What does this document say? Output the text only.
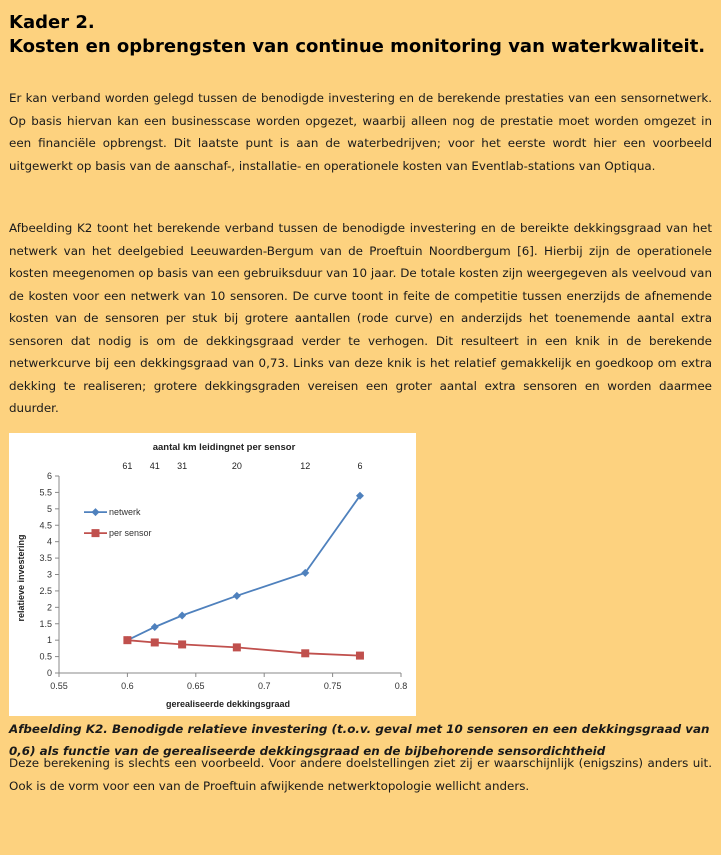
Kader 2.
Kosten en opbrengsten van continue monitoring van waterkwaliteit.

Er kan verband worden gelegd tussen de benodigde investering en de berekende prestaties van een sensornetwerk. Op basis hiervan kan een businesscase worden opgezet, waarbij alleen nog de prestatie moet worden omgezet in een financiële opbrengst. Dit laatste punt is aan de waterbedrijven; voor het eerste wordt hier een voorbeeld uitgewerkt op basis van de aanschaf-, installatie- en operationele kosten van Eventlab-stations van Optiqua.

Afbeelding K2 toont het berekende verband tussen de benodigde investering en de bereikte dekkingsgraad van het netwerk van het deelgebied Leeuwarden-Bergum van de Proeftuin Noordbergum [6]. Hierbij zijn de operationele kosten meegenomen op basis van een gebruiksduur van 10 jaar. De totale kosten zijn weergegeven als veelvoud van de kosten voor een netwerk van 10 sensoren. De curve toont in feite de competitie tussen enerzijds de afnemende kosten van de sensoren per stuk bij grotere aantallen (rode curve) en anderzijds het toenemende aantal extra sensoren dat nodig is om de dekkingsgraad verder te verhogen. Dit resulteert in een knik in de berekende netwerkcurve bij een dekkingsgraad van 0,73. Links van deze knik is het relatief gemakkelijk en goedkoop om extra dekking te realiseren; grotere dekkingsgraden vereisen een groter aantal extra sensoren en worden daarmee duurder.

aantal km leidingnet per sensor
61 41 31	20	12	6
0
0.5
1
1.5
2
2.5
3
3.5
4
4.5
5
5.5
6
0.55	0.6	0.65	0.7	0.75	0.8
netwerk
per sensor
relatieve investering
gerealiseerde dekkingsgraad

Afbeelding K2. Benodigde relatieve investering (t.o.v. geval met 10 sensoren en een dekkingsgraad van 0,6) als functie van de gerealiseerde dekkingsgraad en de bijbehorende sensordichtheid

Deze berekening is slechts een voorbeeld. Voor andere doelstellingen ziet zij er waarschijnlijk (enigszins) anders uit. Ook is de vorm voor een van de Proeftuin afwijkende netwerktopologie wellicht anders.
